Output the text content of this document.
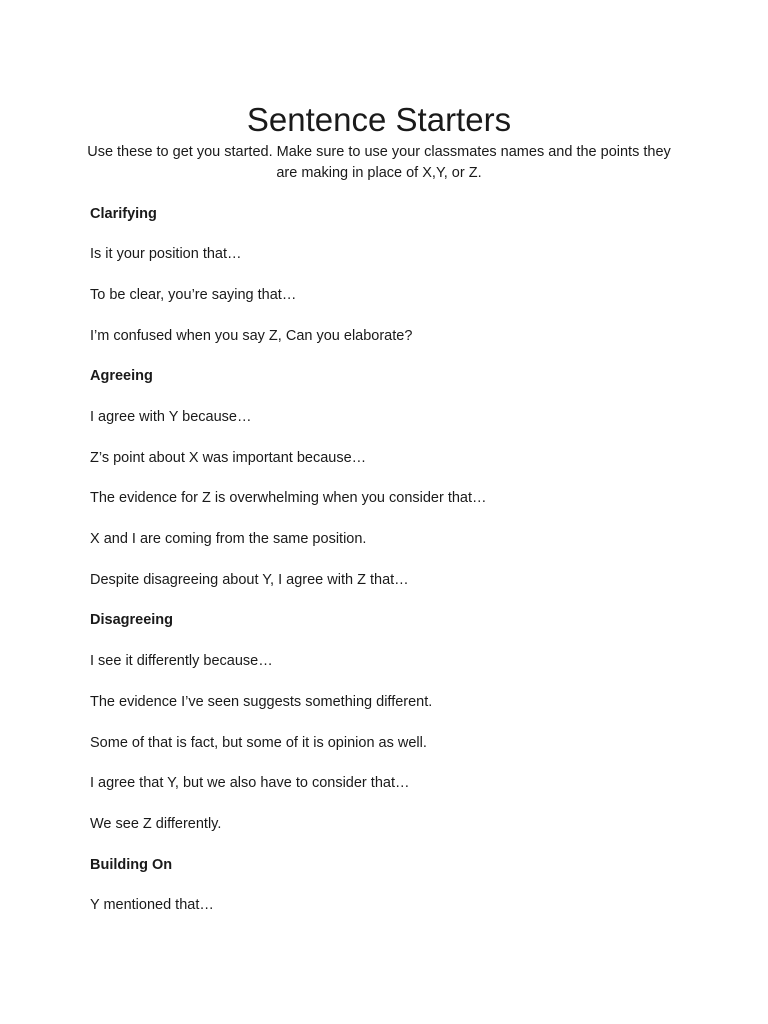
Sentence Starters

Use these to get you started. Make sure to use your classmates names and the points they are making in place of X,Y, or Z.

Clarifying
Is it your position that…
To be clear, you’re saying that…
I’m confused when you say Z, Can you elaborate?
Agreeing
I agree with Y because…
Z’s point about X was important because…
The evidence for Z is overwhelming when you consider that…
X and I are coming from the same position.
Despite disagreeing about Y, I agree with Z that…
Disagreeing
I see it differently because…
The evidence I’ve seen suggests something different.
Some of that is fact, but some of it is opinion as well.
I agree that Y, but we also have to consider that…
We see Z differently.
Building On
Y mentioned that…
